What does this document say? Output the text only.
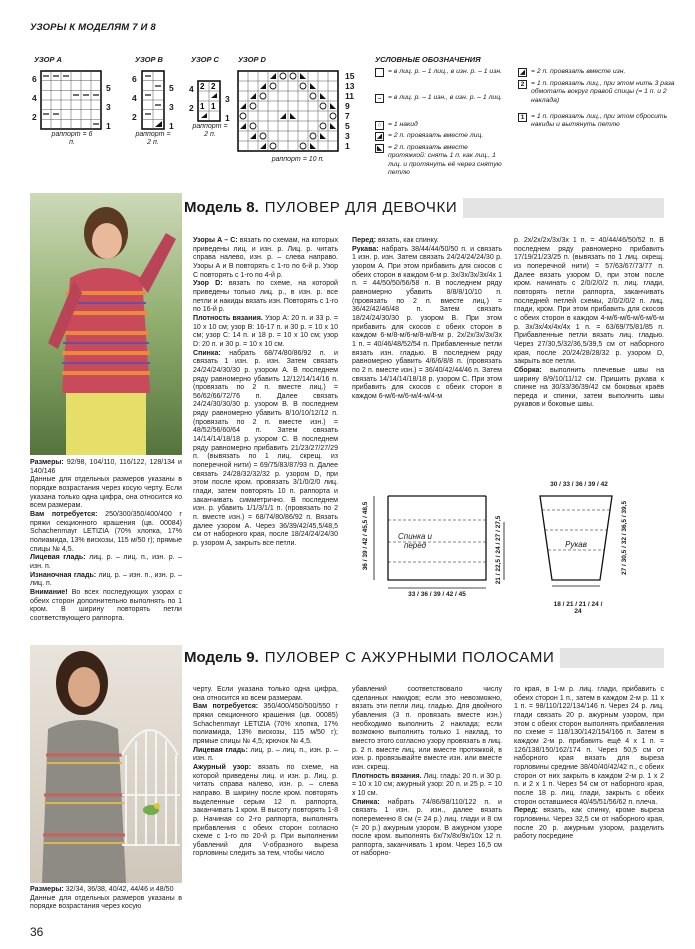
УЗОРЫ К МОДЕЛЯМ 7 И 8
УЗОР А
6
4
2
5
3
1
раппорт = 6 п.
УЗОР В
6
4
2
5
3
1
раппорт = 2 п.
УЗОР С
4
2
2 2
1 1
3
1
раппорт = 2 п.
УЗОР D
15
13
11
9
7
5
3
1
раппорт = 10 п.
УСЛОВНЫЕ ОБОЗНАЧЕНИЯ
= в лиц. р. – 1 лиц., в изн. р. – 1 изн.
– = в лиц. р. – 1 изн., в изн. р. – 1 лиц.
○ = 1 накид
◢ = 2 п. провязать вместе лиц.
◣ = 2 п. провязать вместе протяжкой: снять 1 п. как лиц., 1 лиц. и протянуть её через снятую петлю
◢ = 2 п. провязать вместе изн.
2 = 1 п. провязать лиц., при этом нить 3 раза обмотать вокруг правой спицы (= 1 п. и 2 наклада)
1 = 1 п. провязать лиц., при этом сбросить накиды и вытянуть петлю
Модель 8. ПУЛОВЕР ДЛЯ ДЕВОЧКИ

Размеры: 92/98, 104/110, 116/122, 128/134 и 140/146

Данные для отдельных размеров указаны в порядке возрастания через косую черту. Если указана только одна цифра, она относится ко всем размерам.

Вам потребуется: 250/300/350/400/400 г пряжи секционного крашения (цв. 00084) Schachenmayr LETIZIA (70% хлопка, 17% полиамида, 13% вискозы, 115 м/50 г); прямые спицы № 4,5.

Лицевая гладь: лиц. р. – лиц. п., изн. р. – изн. п.

Изнаночная гладь: лиц. р. – изн. п., изн. р. – лиц. п.

Внимание! Во всех последующих узорах с обеих сторон дополнительно выполнять по 1 кром. В ширину повторять петли соответствующего раппорта.

Узоры А – С: вязать по схемам, на которых приведены лиц. и изн. р. Лиц. р. читать справа налево, изн. р. – слева направо. Узоры А и В повторять с 1-го по 6-й р. Узор С повторять с 1-го по 4-й р.

Узор D: вязать по схеме, на которой приведены только лиц. р., в изн. р. все петли и накиды вязать изн. Повторять с 1-го по 16-й р.

Плотность вязания. Узор А: 20 п. и 33 р. = 10 х 10 см; узор В: 16-17 п. и 30 р. = 10 х 10 см; узор С: 14 п. и 18 р. = 10 х 10 см; узор D: 20 п. и 30 р. = 10 х 10 см.

Спинка: набрать 68/74/80/86/92 п. и связать 1 изн. р. изн. Затем связать 24/24/24/30/30 р. узором А. В последнем ряду равномерно убавить 12/12/14/14/16 п. (провязать по 2 п. вместе лиц.) = 56/62/66/72/76 п. Далее связать 24/24/30/30/30 р. узором В. В последнем ряду равномерно убавить 8/10/10/12/12 п. (провязать по 2 п. вместе изн.) = 48/52/56/60/64 п. Затем связать 14/14/14/18/18 р. узором С. В последнем ряду равномерно прибавить 21/23/27/27/29 п. (вывязать по 1 лиц. скрещ. из поперечной нити) = 69/75/83/87/93 п. Далее связать 24/28/32/32/32 р. узором D, при этом после кром. провязать 3/1/0/2/0 лиц. глади, затем повторять 10 п. раппорта и заканчивать симметрично. В последнем изн. р. убавить 1/1/3/1/1 п. (провязать по 2 п. вместе изн.) = 68/74/80/86/92 п. Вязать далее узором А. Через 36/39/42/45,5/48,5 см от наборного края, после 18/24/24/24/30 р. узором А, закрыть все петли.

Перед: вязать, как спинку.

Рукава: набрать 38/44/44/50/50 п. и связать 1 изн. р. изн. Затем связать 24/24/24/24/30 р. узором А. При этом прибавить для скосов с обеих сторон в каждом 6-м р. 3х/3х/3х/3х/4х 1 п. = 44/50/50/56/58 п. В последнем ряду равномерно убавить 8/8/8/10/10 п. (провязать по 2 п. вместе лиц.) = 36/42/42/46/48 п. Затем связать 18/24/24/30/30 р. узором В. При этом прибавить для скосов с обеих сторон в каждом 6-м/8-м/6-м/8-м/8-м р. 2х/2х/3х/3х/3х 1 п. = 40/46/48/52/54 п. Прибавленные петли вязать изн. гладью. В последнем ряду равномерно убавить 4/6/6/8/8 п. (провязать по 2 п. вместе изн.) = 36/40/42/44/46 п. Затем связать 14/14/14/18/18 р. узором С. При этом прибавить для скосов с обеих сторон в каждом 6-м/6-м/6-м/4-м/4-м

р. 2х/2х/2х/3х/3х 1 п. = 40/44/46/50/52 п. В последнем ряду равномерно прибавить 17/19/21/23/25 п. (вывязать по 1 лиц. скрещ. из поперечной нити) = 57/63/67/73/77 п. Далее вязать узором D, при этом после кром. начинать с 2/0/2/0/2 п. лиц. глади, повторять петли раппорта, заканчивать последней петлей схемы, 2/0/2/0/2 п. лиц. глади, кром. При этом прибавить для скосов с обеих сторон в каждом 4-м/6-м/6-м/6-м/6-м р. 3х/3х/4х/4х/4х 1 п. = 63/69/75/81/85 п. Прибавленные петли вязать лиц. гладью. Через 27/30,5/32/36,5/39,5 см от наборного края, после 20/24/28/28/32 р. узором D, закрыть все петли.

Сборка: выполнить плечевые швы на ширину 8/9/10/11/12 см. Пришить рукава к спинке на 30/33/36/39/42 см боковых краёв переда и спинки, затем выполнить швы рукавов и боковые швы.

Спинка и перед
36 / 39 / 42 / 45,5 / 48,5	21 / 22,5 / 24 / 27 / 27,5
33 / 36 / 39 / 42 / 45
Рукав
30 / 33 / 36 / 39 / 42
27 / 30,5 / 32 / 36,5 / 39,5
18 / 21 / 21 / 24 / 24
Модель 9. ПУЛОВЕР С АЖУРНЫМИ ПОЛОСАМИ

Размеры: 32/34, 36/38, 40/42, 44/46 и 48/50

Данные для отдельных размеров указаны в порядке возрастания через косую

черту. Если указана только одна цифра, она относится ко всем размерам.

Вам потребуется: 350/400/450/500/550 г пряжи секционного крашения (цв. 00085) Schachenmayr LETIZIA (70% хлопка, 17% полиамида, 13% вискозы, 115 м/50 г); прямые спицы № 4,5; крючок № 4,5.

Лицевая гладь: лиц. р. – лиц. п., изн. р. – изн. п.

Ажурный узор: вязать по схеме, на которой приведены лиц. и изн. р. Лиц. р. читать справа налево, изн. р. – слева направо. В ширину после кром. повторять выделенные серым 12 п. раппорта, заканчивать 1 кром. В высоту повторять 1-8 р. Начиная со 2-го раппорта, выполнять прибавления с обеих сторон согласно схеме с 1-го по 20-й р. При выполнении убавлений для V-образного выреза горловины следить за тем, чтобы число

убавлений соответствовало числу сделанных накидов; если это невозможно, вязать эти петли лиц. гладью. Для двойного убавления (3 п. провязать вместе изн.) необходимо выполнить 2 наклада; если возможно выполнить только 1 наклад, то вместо этого согласно узору провязать в лиц. р. 2 п. вместе лиц. или вместе протяжкой, в изн. р. провязывайте вместе изн. или вместе изн. скрещ.

Плотность вязания. Лиц. гладь: 20 п. и 30 р. = 10 х 10 см; ажурный узор: 20 п. и 25 р. = 10 х 10 см.

Спинка: набрать 74/86/98/110/122 п. и связать 1 изн. р. изн., далее вязать попеременно 8 см (= 24 р.) лиц. глади и 8 см (= 20 р.) ажурным узором. В ажурном узоре после кром. выполнять 6х/7х/8х/9х/10х 12 п. раппорта, заканчивать 1 кром. Через 16,5 см от наборно-

го края, в 1-м р. лиц. глади, прибавить с обеих сторон 1 п., затем в каждом 2-м р. 11 х 1 п. = 98/110/122/134/146 п. Через 24 р. лиц. глади связать 20 р. ажурным узором, при этом с обеих сторон выполнять прибавления по схеме = 118/130/142/154/166 п. Затем в каждом 2-м р. прибавить ещё 4 х 1 п. = 126/138/150/162/174 п. Через 50,5 см от наборного края вязать для выреза горловины средние 38/40/40/42/42 п., с обеих сторон от них закрыть в каждом 2-м р. 1 х 2 п. и 2 х 1 п. Через 54 см от наборного края, после 18 р. лиц. глади, закрыть с обеих сторон оставшиеся 40/45/51/56/62 п. плеча.

Перед: вязать, как спинку, кроме выреза горловины. Через 32,5 см от наборного края, после 20 р. ажурным узором, разделить работу посредине

36
